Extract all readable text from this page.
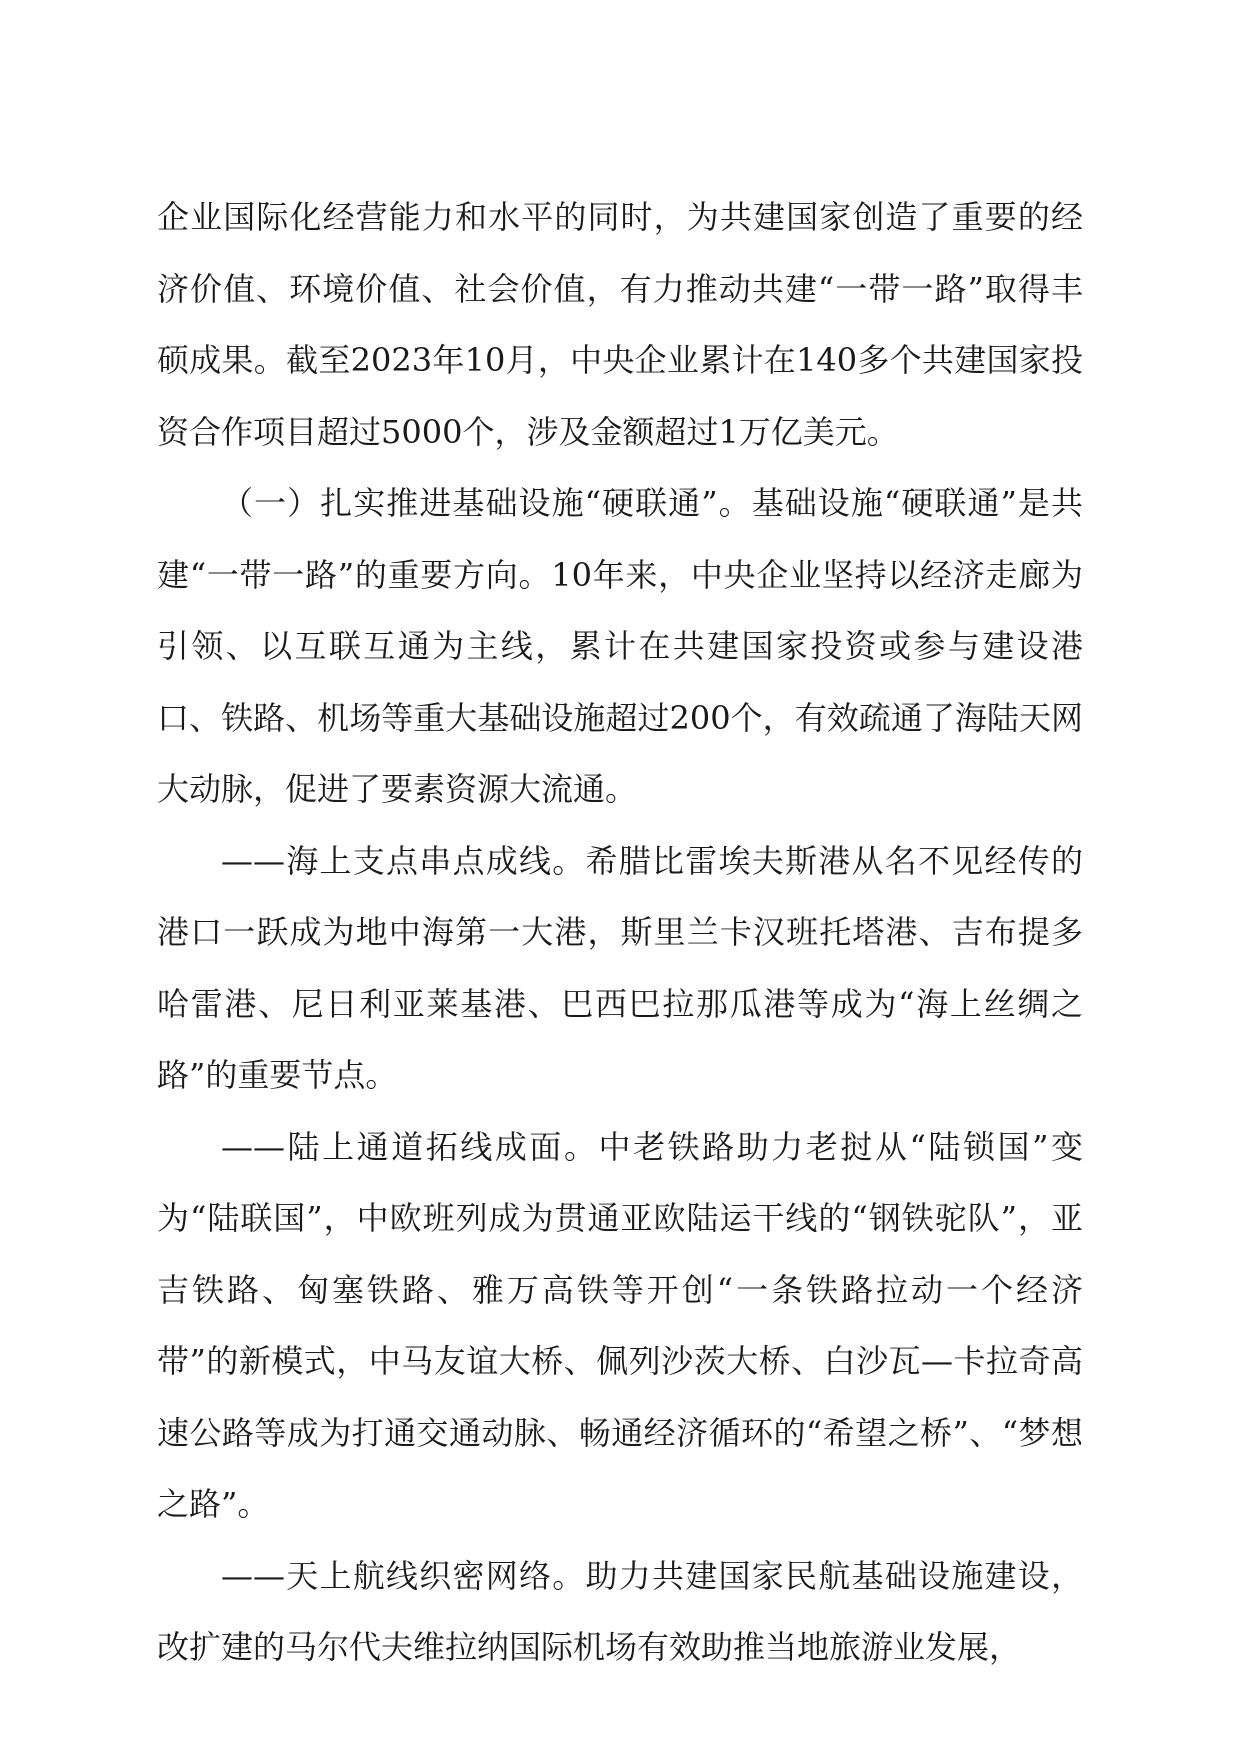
企业国际化经营能力和水平的同时，为共建国家创造了重要的经济价值、环境价值、社会价值，有力推动共建“一带一路”取得丰硕成果。截至2023年10月，中央企业累计在140多个共建国家投资合作项目超过5000个，涉及金额超过1万亿美元。

（一）扎实推进基础设施“硬联通”。基础设施“硬联通”是共建“一带一路”的重要方向。10年来，中央企业坚持以经济走廊为引领、以互联互通为主线，累计在共建国家投资或参与建设港口、铁路、机场等重大基础设施超过200个，有效疏通了海陆天网大动脉，促进了要素资源大流通。

——海上支点串点成线。希腊比雷埃夫斯港从名不见经传的港口一跃成为地中海第一大港，斯里兰卡汉班托塔港、吉布提多哈雷港、尼日利亚莱基港、巴西巴拉那瓜港等成为“海上丝绸之路”的重要节点。

——陆上通道拓线成面。中老铁路助力老挝从“陆锁国”变为“陆联国”，中欧班列成为贯通亚欧陆运干线的“钢铁驼队”，亚吉铁路、匈塞铁路、雅万高铁等开创“一条铁路拉动一个经济带”的新模式，中马友谊大桥、佩列沙茨大桥、白沙瓦—卡拉奇高速公路等成为打通交通动脉、畅通经济循环的“希望之桥”、“梦想之路”。

——天上航线织密网络。助力共建国家民航基础设施建设，改扩建的马尔代夫维拉纳国际机场有效助推当地旅游业发展，
